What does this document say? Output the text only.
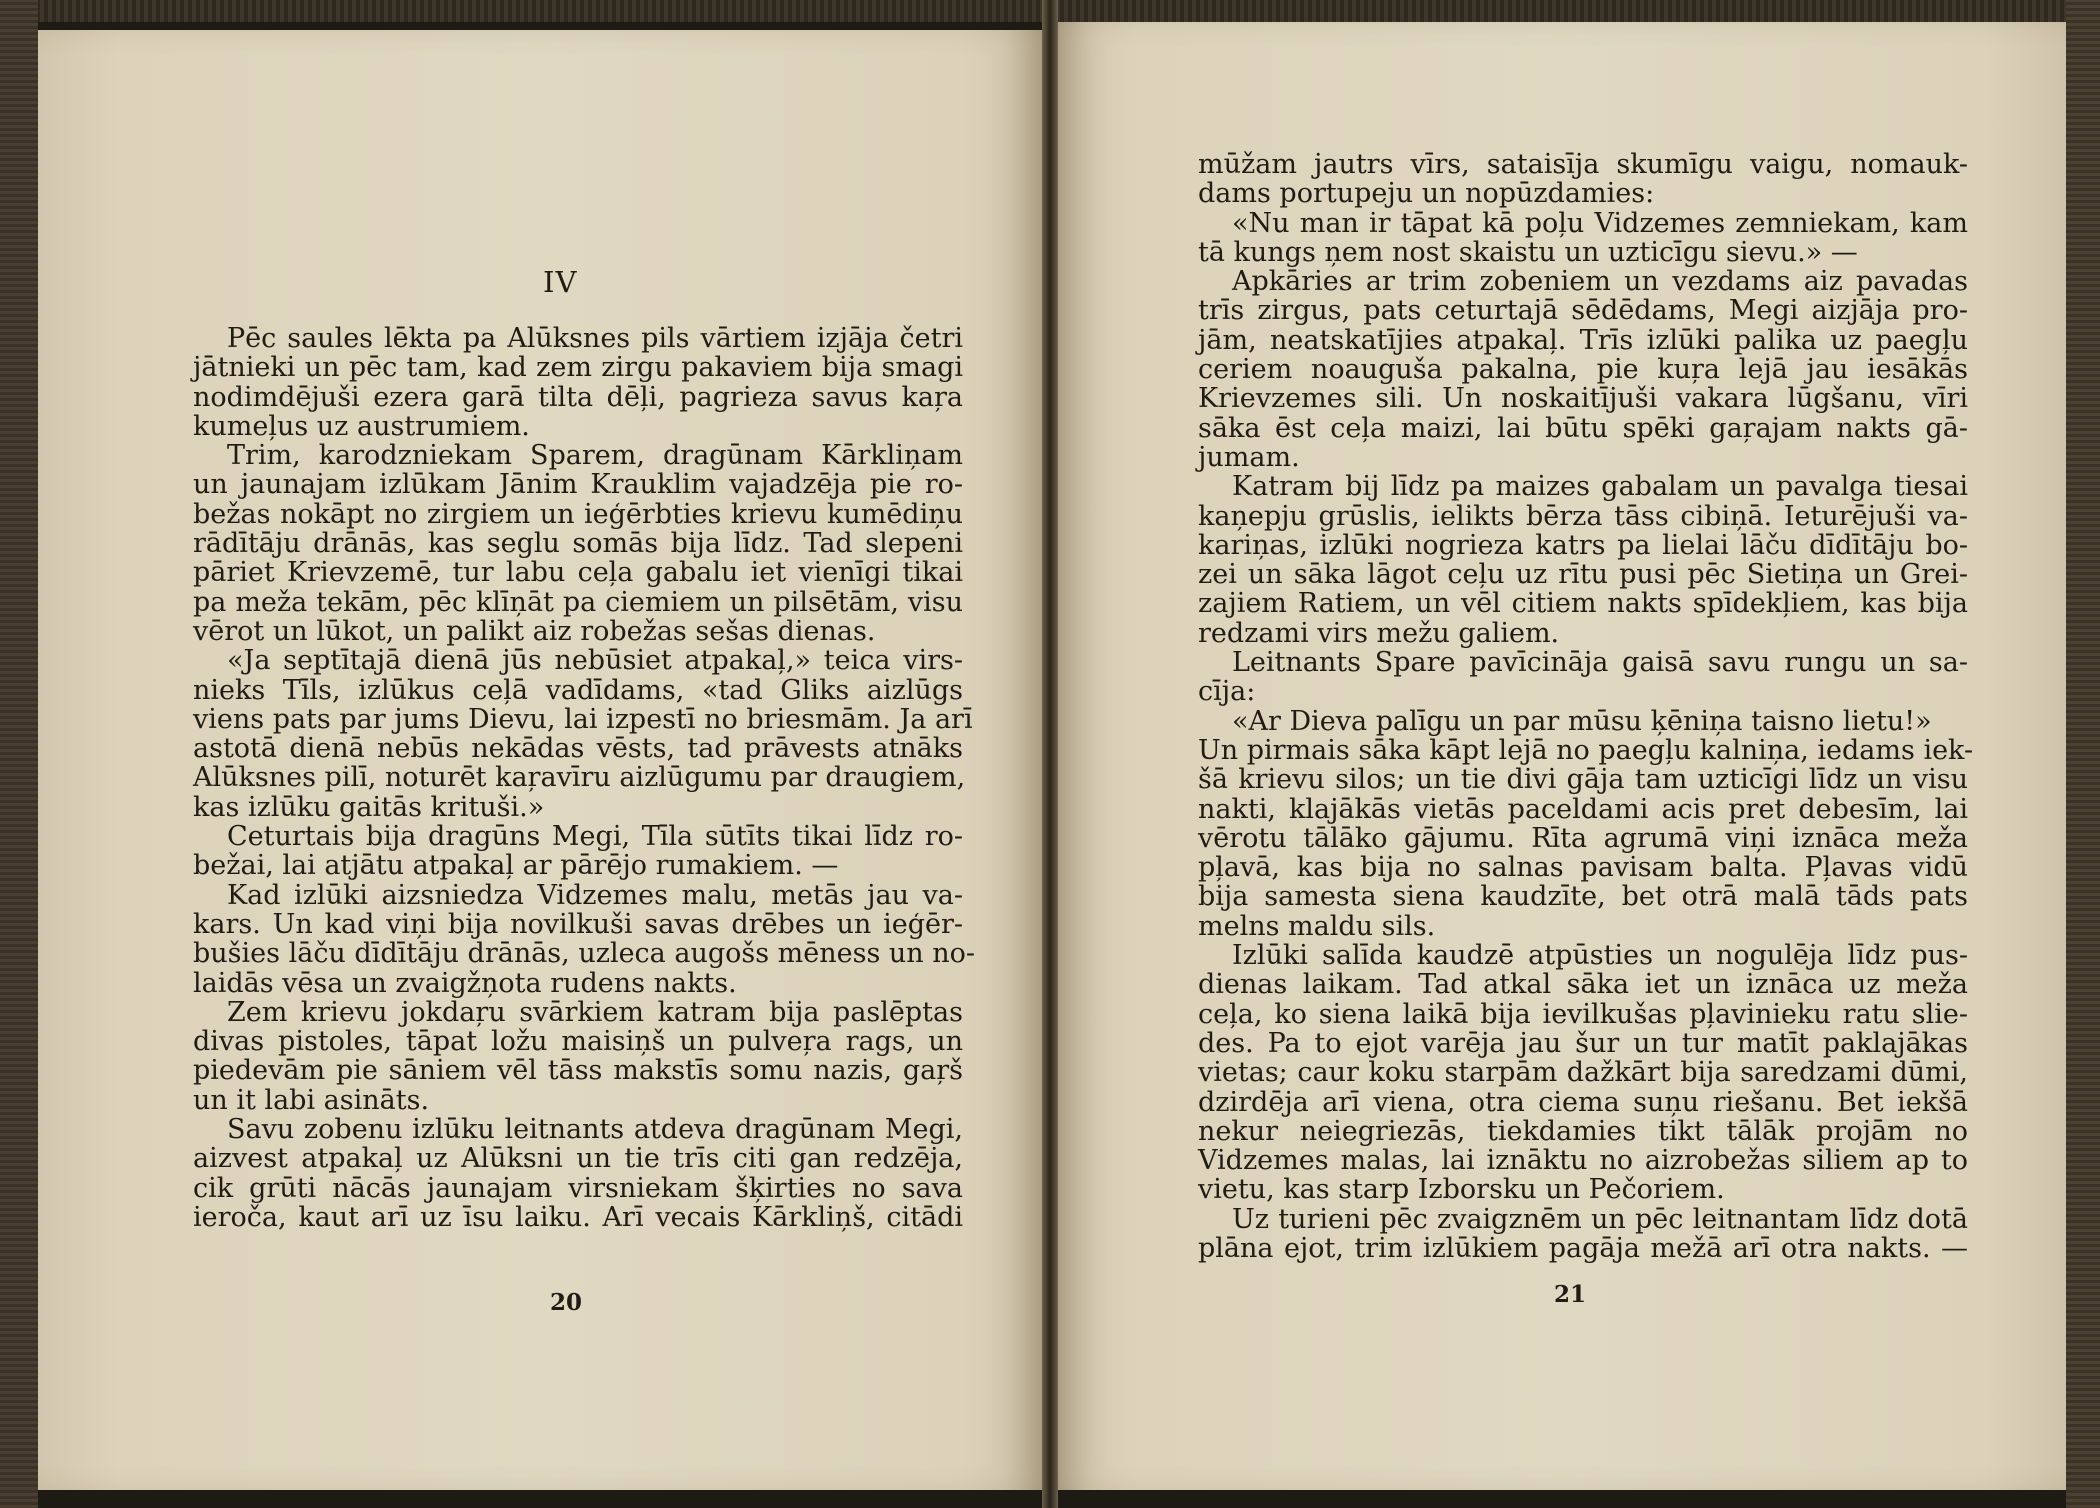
IV
Pēc saules lēkta pa Alūksnes pils vārtiem izjāja četri
jātnieki un pēc tam, kad zem zirgu pakaviem bija smagi
nodimdējuši ezera garā tilta dēļi, pagrieza savus kaŗa
kumeļus uz austrumiem.
Trim, karodzniekam Sparem, dragūnam Kārkliņam
un jaunajam izlūkam Jānim Krauklim vajadzēja pie ro-
bežas nokāpt no zirgiem un ieģērbties krievu kumēdiņu
rādītāju drānās, kas seglu somās bija līdz. Tad slepeni
pāriet Krievzemē, tur labu ceļa gabalu iet vienīgi tikai
pa meža tekām, pēc klīņāt pa ciemiem un pilsētām, visu
vērot un lūkot, un palikt aiz robežas sešas dienas.
«Ja septītajā dienā jūs nebūsiet atpakaļ,» teica virs-
nieks Tīls, izlūkus ceļā vadīdams, «tad Gliks aizlūgs
viens pats par jums Dievu, lai izpestī no briesmām. Ja arī
astotā dienā nebūs nekādas vēsts, tad prāvests atnāks
Alūksnes pilī, noturēt kaŗavīru aizlūgumu par draugiem,
kas izlūku gaitās krituši.»
Ceturtais bija dragūns Megi, Tīla sūtīts tikai līdz ro-
bežai, lai atjātu atpakaļ ar pārējo rumakiem. —
Kad izlūki aizsniedza Vidzemes malu, metās jau va-
kars. Un kad viņi bija novilkuši savas drēbes un ieģēr-
bušies lāču dīdītāju drānās, uzleca augošs mēness un no-
laidās vēsa un zvaigžņota rudens nakts.
Zem krievu jokdaŗu svārkiem katram bija paslēptas
divas pistoles, tāpat ložu maisiņš un pulveŗa rags, un
piedevām pie sāniem vēl tāss makstīs somu nazis, gaŗš
un it labi asināts.
Savu zobenu izlūku leitnants atdeva dragūnam Megi,
aizvest atpakaļ uz Alūksni un tie trīs citi gan redzēja,
cik grūti nācās jaunajam virsniekam šķirties no sava
ieroča, kaut arī uz īsu laiku. Arī vecais Kārkliņš, citādi
20
mūžam jautrs vīrs, sataisīja skumīgu vaigu, nomauk-
dams portupeju un nopūzdamies:
«Nu man ir tāpat kā poļu Vidzemes zemniekam, kam
tā kungs ņem nost skaistu un uzticīgu sievu.» —
Apkāries ar trim zobeniem un vezdams aiz pavadas
trīs zirgus, pats ceturtajā sēdēdams, Megi aizjāja pro-
jām, neatskatījies atpakaļ. Trīs izlūki palika uz paegļu
ceriem noauguša pakalna, pie kuŗa lejā jau iesākās
Krievzemes sili. Un noskaitījuši vakara lūgšanu, vīri
sāka ēst ceļa maizi, lai būtu spēki gaŗajam nakts gā-
jumam.
Katram bij līdz pa maizes gabalam un pavalga tiesai
kaņepju grūslis, ielikts bērza tāss cibiņā. Ieturējuši va-
kariņas, izlūki nogrieza katrs pa lielai lāču dīdītāju bo-
zei un sāka lāgot ceļu uz rītu pusi pēc Sietiņa un Grei-
zajiem Ratiem, un vēl citiem nakts spīdekļiem, kas bija
redzami virs mežu galiem.
Leitnants Spare pavīcināja gaisā savu rungu un sa-
cīja:
«Ar Dieva palīgu un par mūsu ķēniņa taisno lietu!»
Un pirmais sāka kāpt lejā no paegļu kalniņa, iedams iek-
šā krievu silos; un tie divi gāja tam uzticīgi līdz un visu
nakti, klajākās vietās paceldami acis pret debesīm, lai
vērotu tālāko gājumu. Rīta agrumā viņi iznāca meža
pļavā, kas bija no salnas pavisam balta. Pļavas vidū
bija samesta siena kaudzīte, bet otrā malā tāds pats
melns maldu sils.
Izlūki salīda kaudzē atpūsties un nogulēja līdz pus-
dienas laikam. Tad atkal sāka iet un iznāca uz meža
ceļa, ko siena laikā bija ievilkušas pļavinieku ratu slie-
des. Pa to ejot varēja jau šur un tur matīt paklajākas
vietas; caur koku starpām dažkārt bija saredzami dūmi,
dzirdēja arī viena, otra ciema suņu riešanu. Bet iekšā
nekur neiegriezās, tiekdamies tikt tālāk projām no
Vidzemes malas, lai iznāktu no aizrobežas siliem ap to
vietu, kas starp Izborsku un Pečoriem.
Uz turieni pēc zvaigznēm un pēc leitnantam līdz dotā
plāna ejot, trim izlūkiem pagāja mežā arī otra nakts. —
21
